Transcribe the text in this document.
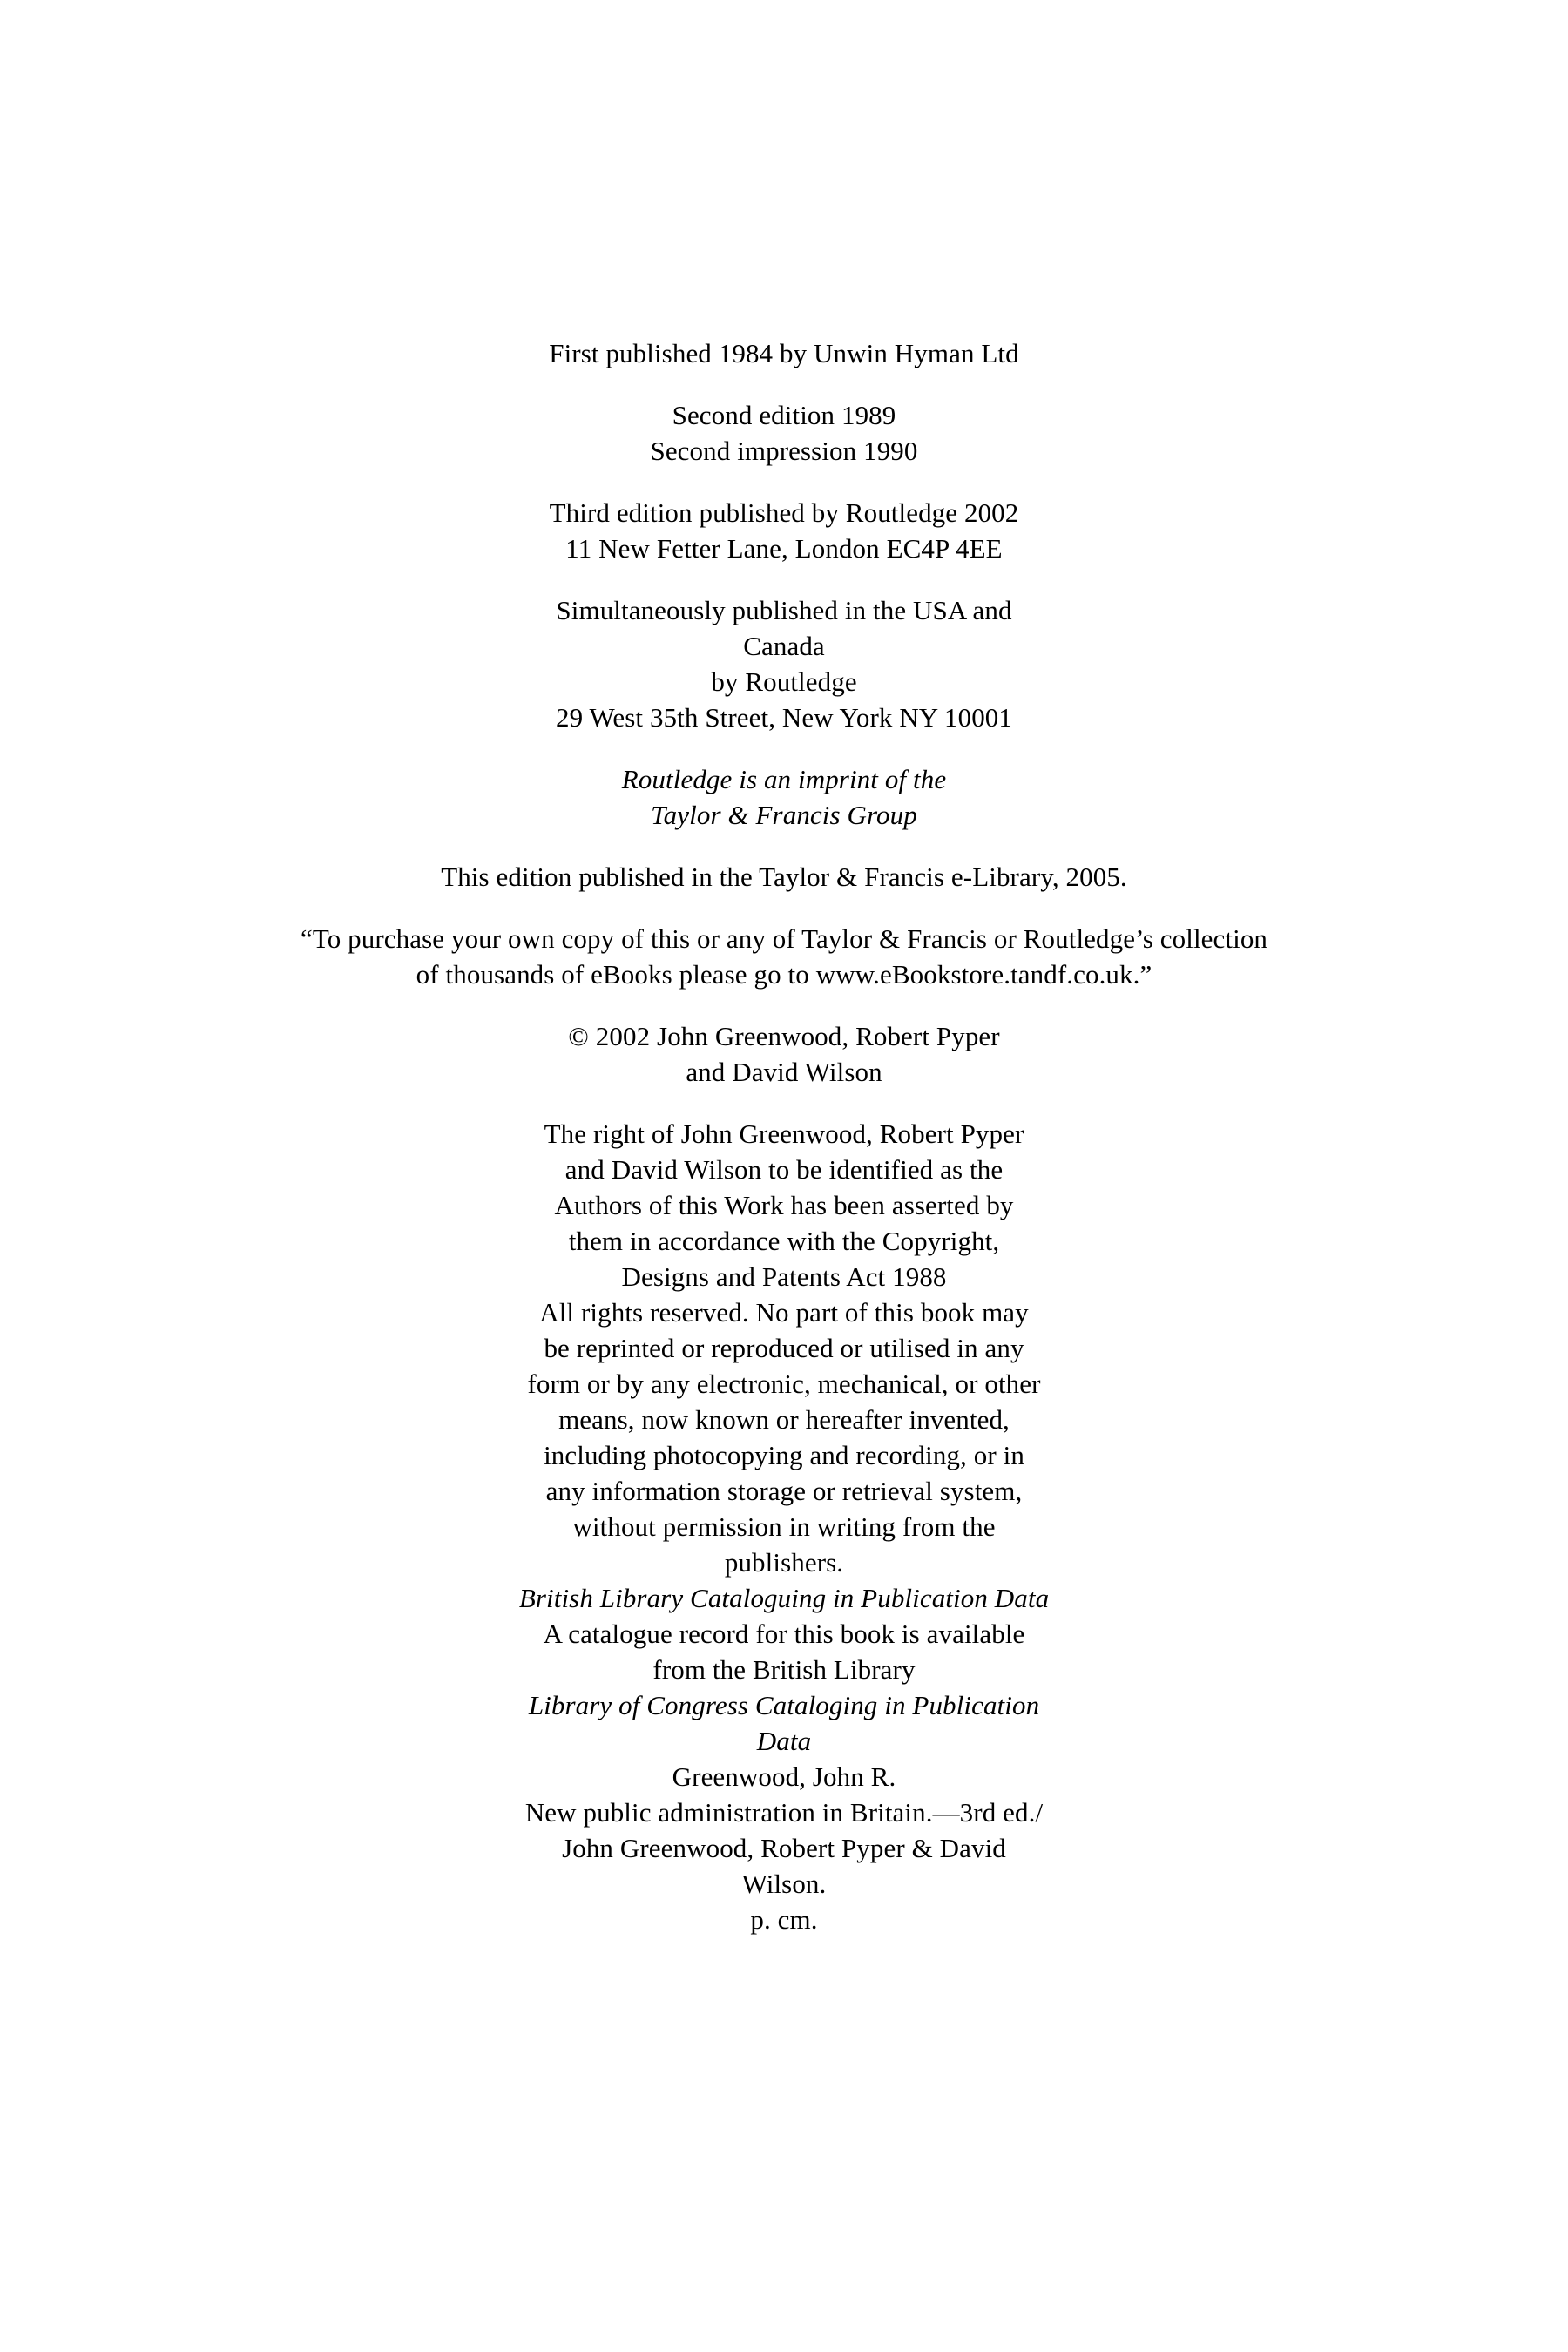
First published 1984 by Unwin Hyman Ltd
Second edition 1989
Second impression 1990
Third edition published by Routledge 2002
11 New Fetter Lane, London EC4P 4EE
Simultaneously published in the USA and
Canada
by Routledge
29 West 35th Street, New York NY 10001
Routledge is an imprint of the
Taylor & Francis Group
This edition published in the Taylor & Francis e-Library, 2005.
“To purchase your own copy of this or any of Taylor & Francis or Routledge’s collection
of thousands of eBooks please go to www.eBookstore.tandf.co.uk.”
© 2002 John Greenwood, Robert Pyper
and David Wilson
The right of John Greenwood, Robert Pyper
and David Wilson to be identified as the
Authors of this Work has been asserted by
them in accordance with the Copyright,
Designs and Patents Act 1988
All rights reserved. No part of this book may
be reprinted or reproduced or utilised in any
form or by any electronic, mechanical, or other
means, now known or hereafter invented,
including photocopying and recording, or in
any information storage or retrieval system,
without permission in writing from the
publishers.
British Library Cataloguing in Publication Data
A catalogue record for this book is available
from the British Library
Library of Congress Cataloging in Publication
Data
Greenwood, John R.
New public administration in Britain.—3rd ed./
John Greenwood, Robert Pyper & David
Wilson.
p. cm.
